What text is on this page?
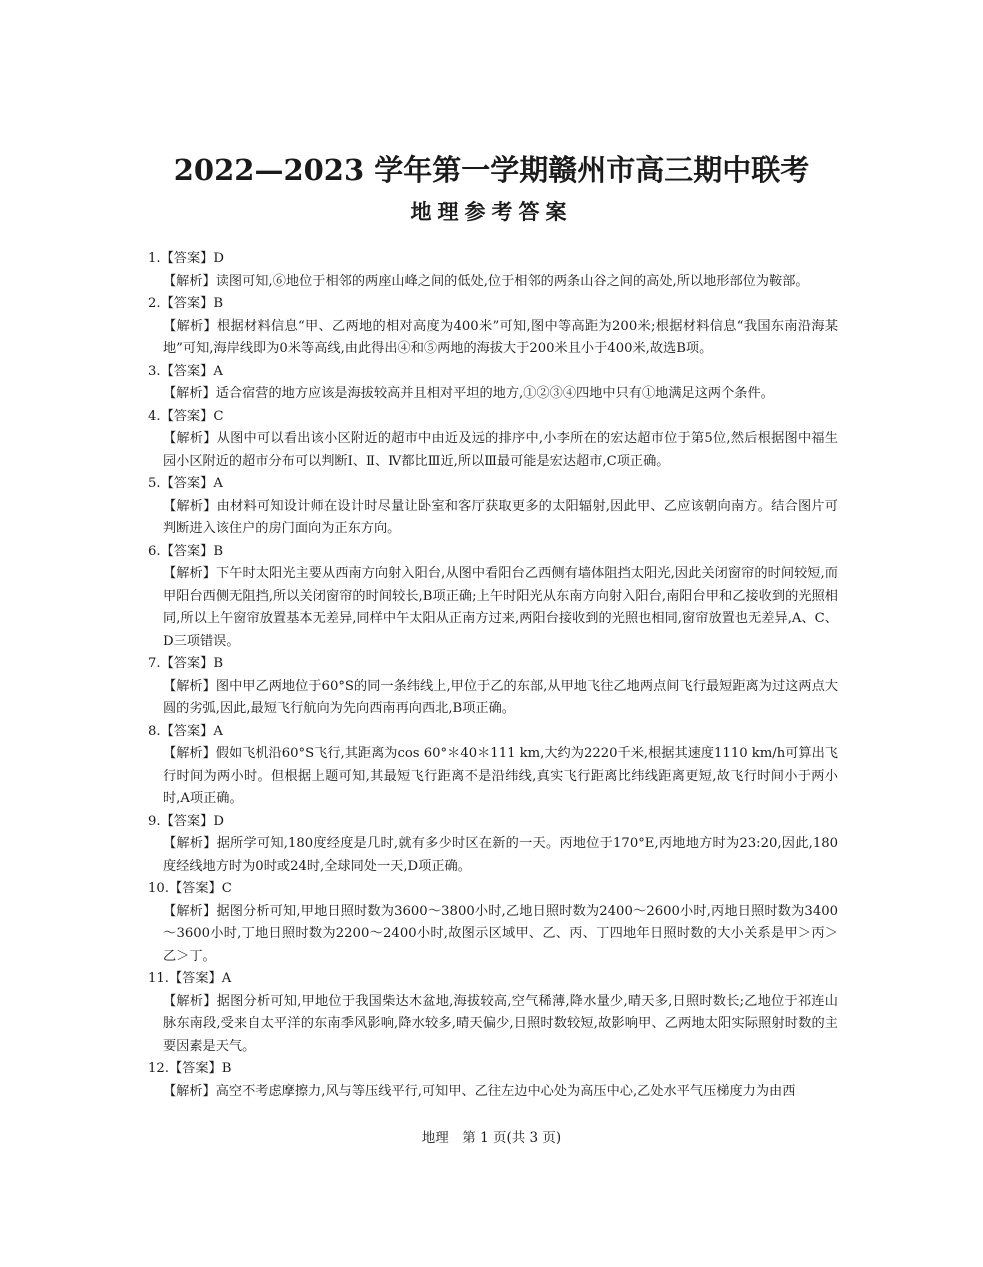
2022—2023 学年第一学期赣州市高三期中联考
地理参考答案

1.【答案】D

【解析】读图可知,⑥地位于相邻的两座山峰之间的低处,位于相邻的两条山谷之间的高处,所以地形部位为鞍部。

2.【答案】B

【解析】根据材料信息“甲、乙两地的相对高度为400米”可知,图中等高距为200米;根据材料信息“我国东南沿海某地”可知,海岸线即为0米等高线,由此得出④和⑤两地的海拔大于200米且小于400米,故选B项。

3.【答案】A

【解析】适合宿营的地方应该是海拔较高并且相对平坦的地方,①②③④四地中只有①地满足这两个条件。

4.【答案】C

【解析】从图中可以看出该小区附近的超市中由近及远的排序中,小李所在的宏达超市位于第5位,然后根据图中福生园小区附近的超市分布可以判断Ⅰ、Ⅱ、Ⅳ都比Ⅲ近,所以Ⅲ最可能是宏达超市,C项正确。

5.【答案】A

【解析】由材料可知设计师在设计时尽量让卧室和客厅获取更多的太阳辐射,因此甲、乙应该朝向南方。结合图片可判断进入该住户的房门面向为正东方向。

6.【答案】B

【解析】下午时太阳光主要从西南方向射入阳台,从图中看阳台乙西侧有墙体阻挡太阳光,因此关闭窗帘的时间较短,而甲阳台西侧无阻挡,所以关闭窗帘的时间较长,B项正确;上午时阳光从东南方向射入阳台,南阳台甲和乙接收到的光照相同,所以上午窗帘放置基本无差异,同样中午太阳从正南方过来,两阳台接收到的光照也相同,窗帘放置也无差异,A、C、D三项错误。

7.【答案】B

【解析】图中甲乙两地位于60°S的同一条纬线上,甲位于乙的东部,从甲地飞往乙地两点间飞行最短距离为过这两点大圆的劣弧,因此,最短飞行航向为先向西南再向西北,B项正确。

8.【答案】A

【解析】假如飞机沿60°S飞行,其距离为cos 60°＊40＊111 km,大约为2220千米,根据其速度1110 km/h可算出飞行时间为两小时。但根据上题可知,其最短飞行距离不是沿纬线,真实飞行距离比纬线距离更短,故飞行时间小于两小时,A项正确。

9.【答案】D

【解析】据所学可知,180度经度是几时,就有多少时区在新的一天。丙地位于170°E,丙地地方时为23:20,因此,180度经线地方时为0时或24时,全球同处一天,D项正确。

10.【答案】C

【解析】据图分析可知,甲地日照时数为3600～3800小时,乙地日照时数为2400～2600小时,丙地日照时数为3400～3600小时,丁地日照时数为2200～2400小时,故图示区域甲、乙、丙、丁四地年日照时数的大小关系是甲＞丙＞乙＞丁。

11.【答案】A

【解析】据图分析可知,甲地位于我国柴达木盆地,海拔较高,空气稀薄,降水量少,晴天多,日照时数长;乙地位于祁连山脉东南段,受来自太平洋的东南季风影响,降水较多,晴天偏少,日照时数较短,故影响甲、乙两地太阳实际照射时数的主要因素是天气。

12.【答案】B

【解析】高空不考虑摩擦力,风与等压线平行,可知甲、乙往左边中心处为高压中心,乙处水平气压梯度力为由西

地理　第 1 页(共 3 页)
